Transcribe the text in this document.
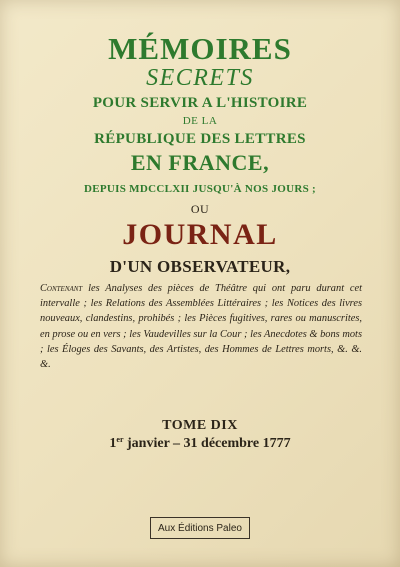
MÉMOIRES
SECRETS
POUR SERVIR A L'HISTOIRE
DE LA
RÉPUBLIQUE DES LETTRES
EN FRANCE,
DEPUIS MDCCLXII JUSQU'À NOS JOURS ;
OU
JOURNAL
D'UN OBSERVATEUR,
Contenant les Analyses des pièces de Théâtre qui ont paru durant cet intervalle ; les Relations des Assemblées Littéraires ; les Notices des livres nouveaux, clandestins, prohibés ; les Pièces fugitives, rares ou manuscrites, en prose ou en vers ; les Vaudevilles sur la Cour ; les Anecdotes & bons mots ; les Éloges des Savants, des Artistes, des Hommes de Lettres morts, &. &. &.
TOME DIX
1er janvier – 31 décembre 1777
Aux Éditions Paleo
